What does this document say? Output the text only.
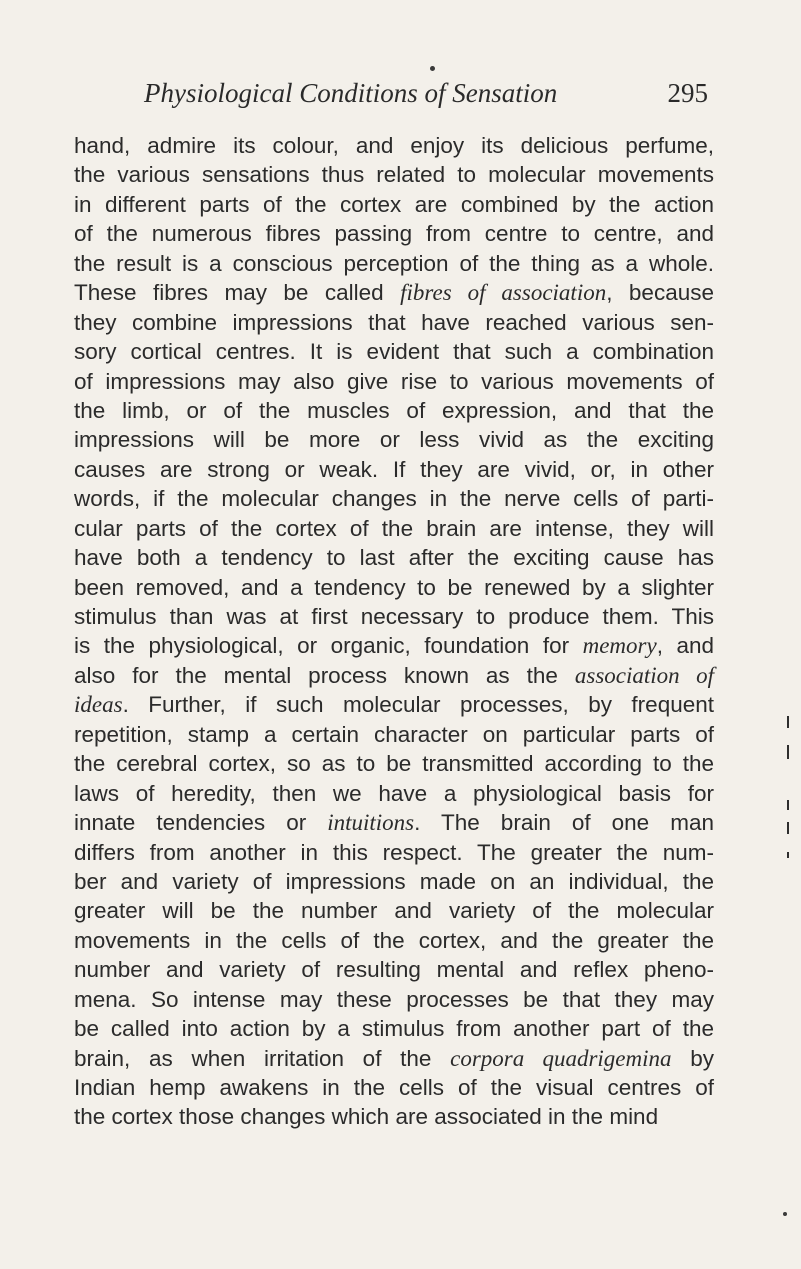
Physiological Conditions of Sensation	295
hand, admire its colour, and enjoy its delicious perfume,
the various sensations thus related to molecular movements
in different parts of the cortex are combined by the action
of the numerous fibres passing from centre to centre, and
the result is a conscious perception of the thing as a whole.
These fibres may be called fibres of association, because
they combine impressions that have reached various sen-
sory cortical centres. It is evident that such a combination
of impressions may also give rise to various movements of
the limb, or of the muscles of expression, and that the
impressions will be more or less vivid as the exciting
causes are strong or weak. If they are vivid, or, in other
words, if the molecular changes in the nerve cells of parti-
cular parts of the cortex of the brain are intense, they will
have both a tendency to last after the exciting cause has
been removed, and a tendency to be renewed by a slighter
stimulus than was at first necessary to produce them. This
is the physiological, or organic, foundation for memory, and
also for the mental process known as the association of
ideas. Further, if such molecular processes, by frequent
repetition, stamp a certain character on particular parts of
the cerebral cortex, so as to be transmitted according to the
laws of heredity, then we have a physiological basis for
innate tendencies or intuitions. The brain of one man
differs from another in this respect. The greater the num-
ber and variety of impressions made on an individual, the
greater will be the number and variety of the molecular
movements in the cells of the cortex, and the greater the
number and variety of resulting mental and reflex pheno-
mena. So intense may these processes be that they may
be called into action by a stimulus from another part of the
brain, as when irritation of the corpora quadrigemina by
Indian hemp awakens in the cells of the visual centres of
the cortex those changes which are associated in the mind
